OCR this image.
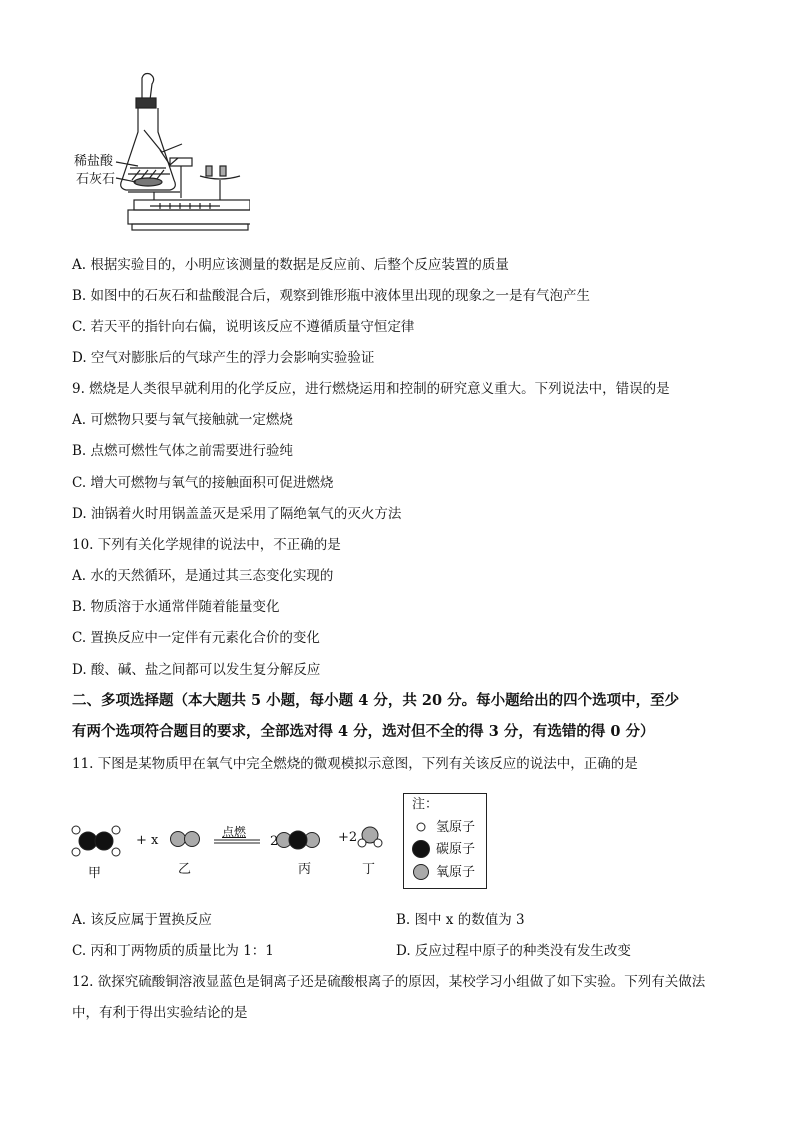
稀盐酸
石灰石
A. 根据实验目的，小明应该测量的数据是反应前、后整个反应装置的质量
B. 如图中的石灰石和盐酸混合后，观察到锥形瓶中液体里出现的现象之一是有气泡产生
C. 若天平的指针向右偏，说明该反应不遵循质量守恒定律
D. 空气对膨胀后的气球产生的浮力会影响实验验证
9. 燃烧是人类很早就利用的化学反应，进行燃烧运用和控制的研究意义重大。下列说法中，错误的是
A. 可燃物只要与氧气接触就一定燃烧
B. 点燃可燃性气体之前需要进行验纯
C. 增大可燃物与氧气的接触面积可促进燃烧
D. 油锅着火时用锅盖盖灭是采用了隔绝氧气的灭火方法
10. 下列有关化学规律的说法中，不正确的是
A. 水的天然循环，是通过其三态变化实现的
B. 物质溶于水通常伴随着能量变化
C. 置换反应中一定伴有元素化合价的变化
D. 酸、碱、盐之间都可以发生复分解反应
二、多项选择题（本大题共 5 小题，每小题 4 分，共 20 分。每小题给出的四个选项中，至少
有两个选项符合题目的要求，全部选对得 4 分，选对但不全的得 3 分，有选错的得 0 分）
11. 下图是某物质甲在氧气中完全燃烧的微观模拟示意图，下列有关该反应的说法中，正确的是
+ x
点燃
2	+2
甲	乙	丙	丁
注：
氢原子
碳原子
氧原子
A. 该反应属于置换反应	B. 图中 x 的数值为 3
C. 丙和丁两物质的质量比为 1：1	D. 反应过程中原子的种类没有发生改变
12. 欲探究硫酸铜溶液显蓝色是铜离子还是硫酸根离子的原因，某校学习小组做了如下实验。下列有关做法
中，有利于得出实验结论的是
